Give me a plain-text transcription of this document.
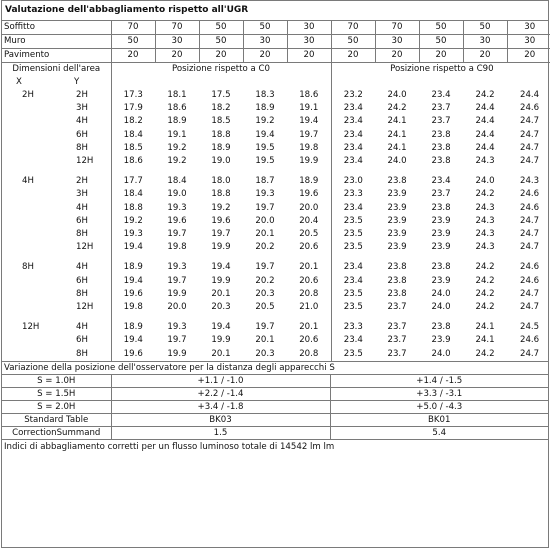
Valutazione dell'abbagliamento rispetto all'UGR
Soffitto	70	70	50	50	30	70	70	50	50	30
Muro	50	30	50	30	30	50	30	50	30	30
Pavimento	20	20	20	20	20	20	20	20	20	20
Dimensioni dell'area	Posizione rispetto a C0					Posizione rispetto a C90				
X Y										

2H 2H	17.3	18.1	17.5	18.3	18.6	23.2	24.0	23.4	24.2	24.4

3H	17.9	18.6	18.2	18.9	19.1	23.4	24.2	23.7	24.4	24.6

4H	18.2	18.9	18.5	19.2	19.4	23.4	24.1	23.7	24.4	24.7

6H	18.4	19.1	18.8	19.4	19.7	23.4	24.1	23.8	24.4	24.7

8H	18.5	19.2	18.9	19.5	19.8	23.4	24.1	23.8	24.4	24.7

12H	18.6	19.2	19.0	19.5	19.9	23.4	24.0	23.8	24.3	24.7

4H 2H	17.7	18.4	18.0	18.7	18.9	23.0	23.8	23.4	24.0	24.3

3H	18.4	19.0	18.8	19.3	19.6	23.3	23.9	23.7	24.2	24.6

4H	18.8	19.3	19.2	19.7	20.0	23.4	23.9	23.8	24.3	24.6

6H	19.2	19.6	19.6	20.0	20.4	23.5	23.9	23.9	24.3	24.7

8H	19.3	19.7	19.7	20.1	20.5	23.5	23.9	23.9	24.3	24.7

12H	19.4	19.8	19.9	20.2	20.6	23.5	23.9	23.9	24.3	24.7

8H 4H	18.9	19.3	19.4	19.7	20.1	23.4	23.8	23.8	24.2	24.6

6H	19.4	19.7	19.9	20.2	20.6	23.4	23.8	23.9	24.2	24.6

8H	19.6	19.9	20.1	20.3	20.8	23.5	23.8	24.0	24.2	24.7

12H	19.8	20.0	20.3	20.5	21.0	23.5	23.7	24.0	24.2	24.7

12H 4H	18.9	19.3	19.4	19.7	20.1	23.3	23.7	23.8	24.1	24.5

6H	19.4	19.7	19.9	20.1	20.6	23.4	23.7	23.9	24.1	24.6

8H	19.6	19.9	20.1	20.3	20.8	23.5	23.7	24.0	24.2	24.7
Variazione della posizione dell'osservatore per la distanza degli apparecchi S
S = 1.0H	+1.1 / -1.0	+1.4 / -1.5
S = 1.5H	+2.2 / -1.4	+3.3 / -3.1
S = 2.0H	+3.4 / -1.8	+5.0 / -4.3
Standard Table	BK03	BK01
CorrectionSummand	1.5	5.4
Indici di abbagliamento corretti per un flusso luminoso totale di 14542 lm lm
